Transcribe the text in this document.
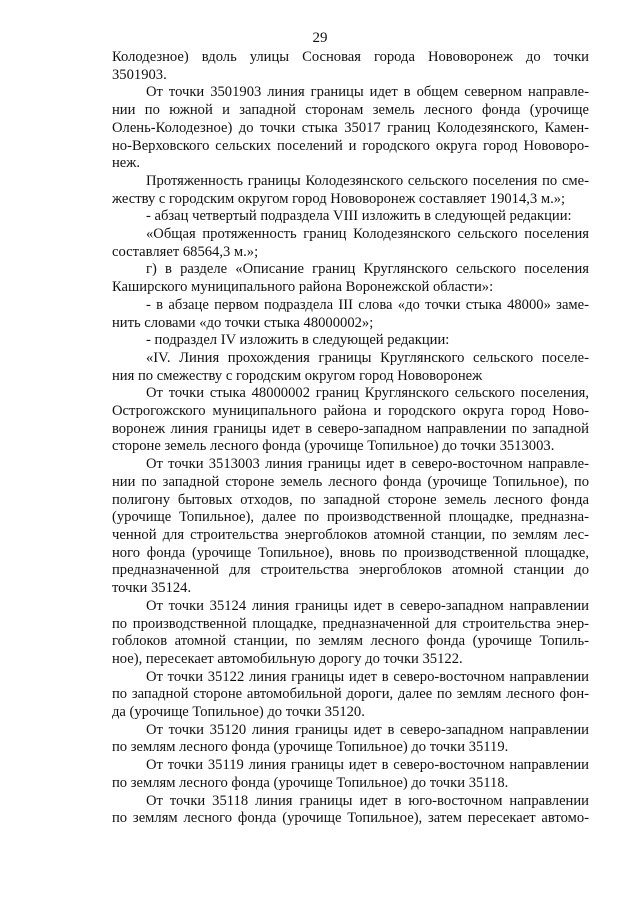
29
Колодезное) вдоль улицы Сосновая города Нововоронеж до точки
3501903.
От точки 3501903 линия границы идет в общем северном направле-
нии по южной и западной сторонам земель лесного фонда (урочище
Олень-Колодезное) до точки стыка 35017 границ Колодезянского, Камен-
но-Верховского сельских поселений и городского округа город Нововоро-
неж.
Протяженность границы Колодезянского сельского поселения по сме-
жеству с городским округом город Нововоронеж составляет 19014,3 м.»;
- абзац четвертый подраздела VIII изложить в следующей редакции:
«Общая протяженность границ Колодезянского сельского поселения
составляет 68564,3 м.»;
г) в разделе «Описание границ Круглянского сельского поселения
Каширского муниципального района Воронежской области»:
- в абзаце первом подраздела III слова «до точки стыка 48000» заме-
нить словами «до точки стыка 48000002»;
- подраздел IV изложить в следующей редакции:
«IV. Линия прохождения границы Круглянского сельского поселе-
ния по смежеству с городским округом город Нововоронеж
От точки стыка 48000002 границ Круглянского сельского поселения,
Острогожского муниципального района и городского округа город Ново-
воронеж линия границы идет в северо-западном направлении по западной
стороне земель лесного фонда (урочище Топильное) до точки 3513003.
От точки 3513003 линия границы идет в северо-восточном направле-
нии по западной стороне земель лесного фонда (урочище Топильное), по
полигону бытовых отходов, по западной стороне земель лесного фонда
(урочище Топильное), далее по производственной площадке, предназна-
ченной для строительства энергоблоков атомной станции, по землям лес-
ного фонда (урочище Топильное), вновь по производственной площадке,
предназначенной для строительства энергоблоков атомной станции до
точки 35124.
От точки 35124 линия границы идет в северо-западном направлении
по производственной площадке, предназначенной для строительства энер-
гоблоков атомной станции, по землям лесного фонда (урочище Топиль-
ное), пересекает автомобильную дорогу до точки 35122.
От точки 35122 линия границы идет в северо-восточном направлении
по западной стороне автомобильной дороги, далее по землям лесного фон-
да (урочище Топильное) до точки 35120.
От точки 35120 линия границы идет в северо-западном направлении
по землям лесного фонда (урочище Топильное) до точки 35119.
От точки 35119 линия границы идет в северо-восточном направлении
по землям лесного фонда (урочище Топильное) до точки 35118.
От точки 35118 линия границы идет в юго-восточном направлении
по землям лесного фонда (урочище Топильное), затем пересекает автомо-
